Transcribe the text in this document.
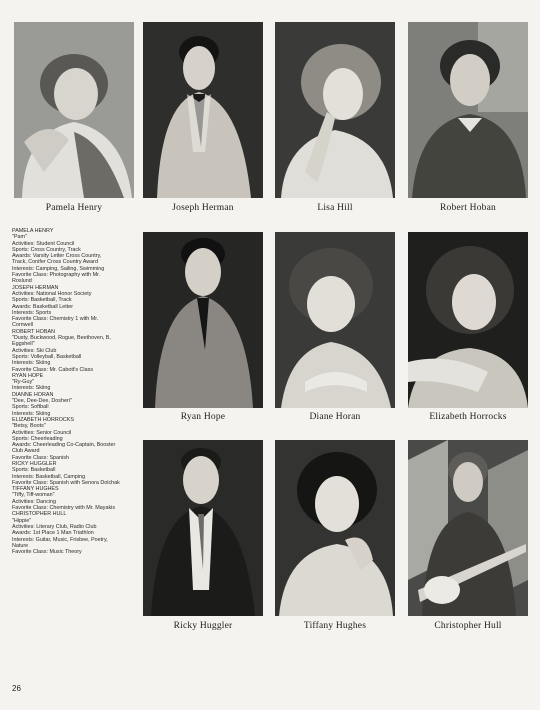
Pamela Henry	Joseph Herman	Lisa Hill	Robert Hoban
PAMELA HENRY
"Pam"
Activities: Student Council
Sports: Cross Country, Track
Awards: Varsity Letter Cross Country,
Track, Conifer Cross Country Award
Interests: Camping, Sailing, Swimming
Favorite Class: Photography with Mr.
Roslund
JOSEPH HERMAN
Activities: National Honor Society
Sports: Basketball, Track
Awards: Basketball Letter
Interests: Sports
Favorite Class: Chemistry 1 with Mr.
Cornwell
ROBERT HOBAN
"Dusty, Buckwood, Rogue, Beethoven, B,
Eggshell"
Activities: Ski Club
Sports: Volleyball, Basketball
Interests: Skiing
Favorite Class: Mr. Cabott's Class
RYAN HOPE
"Ry-Guy"
Interests: Skiing
DIANNE HORAN
"Dee, Dee-Dee, Dosheri"
Sports: Softball
Interests: Skiing
ELIZABETH HORROCKS
"Betsy, Boots"
Activities: Senior Council
Sports: Cheerleading
Awards: Cheerleading Co-Captain, Booster
Club Award
Favorite Class: Spanish
RICKY HUGGLER
Sports: Basketball
Interests: Basketball, Camping
Favorite Class: Spanish with Senora Dolchak
TIFFANY HUGHES
"Tiffy, Tiff-woman"
Activities: Dancing
Favorite Class: Chemistry with Mr. Mayakis
CHRISTOPHER HULL
"Hippie"
Activities: Literary Club, Radio Club
Awards: 1st Place 1 Man Triathlon
Interests: Guitar, Music, Frisbee, Poetry,
Nature
Favorite Class: Music Theory
Ryan Hope	Diane Horan	Elizabeth Horrocks
Ricky Huggler	Tiffany Hughes	Christopher Hull
26
